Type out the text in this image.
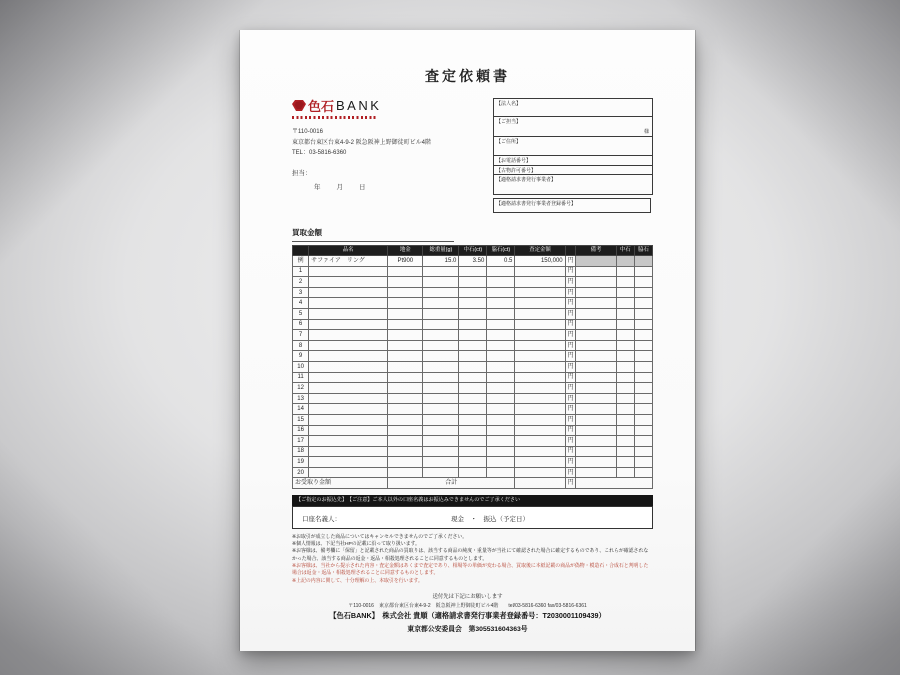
査定依頼書
色石 BANK
〒110-0016
東京都台東区台東4-9-2 阪急阪神上野御徒町ビル4階
TEL：03-5816-6360
担当：
年　　月　　日
【法人名】
【ご担当】
様
【ご住所】
【お電話番号】
【古物許可番号】
【適格請求書発行事業者】
【適格請求書発行事業者登録番号】
買取金額
	品名	地金	総重量(g)	中石(ct)	脇石(ct)	査定金額		備考	中石	脇石
例	サファイア　リング	Pt900	15.0	3.50	0.5	150,000	円			
1							円			
2							円			
3							円			
4							円			
5							円			
6							円			
7							円			
8							円			
9							円			
10							円			
11							円			
12							円			
13							円			
14							円			
15							円			
16							円			
17							円			
18							円			
19							円			
20							円			
お受取り金額		合計					円			
【ご指定のお振込先】　【ご注意】ご本人以外の口座名義はお振込みできませんのでご了承ください
口座名義人：	現金　・　振込（予定日）

※お取引が成立した商品についてはキャンセルできませんのでご了承ください。

※個人情報は、下記当社HPの記載に沿って取り扱います。

※お客様は、備考欄に「保留」と記載された商品の買取りは、該当する商品の純度・重量等が当社にて確認された場合に確定するものであり、これらが確認されなかった場合、該当する商品の返金・返品・相殺処理されることに同意するものとします。

※お客様は、当社から提示された内容・査定金額はあくまで査定であり、相場等の単価が変わる場合、買取後に本紙記載の商品が偽物・模造石・合成石と判明した場合は返金・返品・相殺処理されることに同意するものとします。

※上記の内容に関して、十分理解の上、本取引を行います。

送付先は下記にお願いします
〒110-0016　東京都台東区台東4-9-2　阪急阪神上野御徒町ビル4階　　tel/03-5816-6360 fax/03-5816-6361
【色石BANK】　株式会社 貴順（適格請求書発行事業者登録番号：T2030001109439）
東京都公安委員会　第305531604363号
